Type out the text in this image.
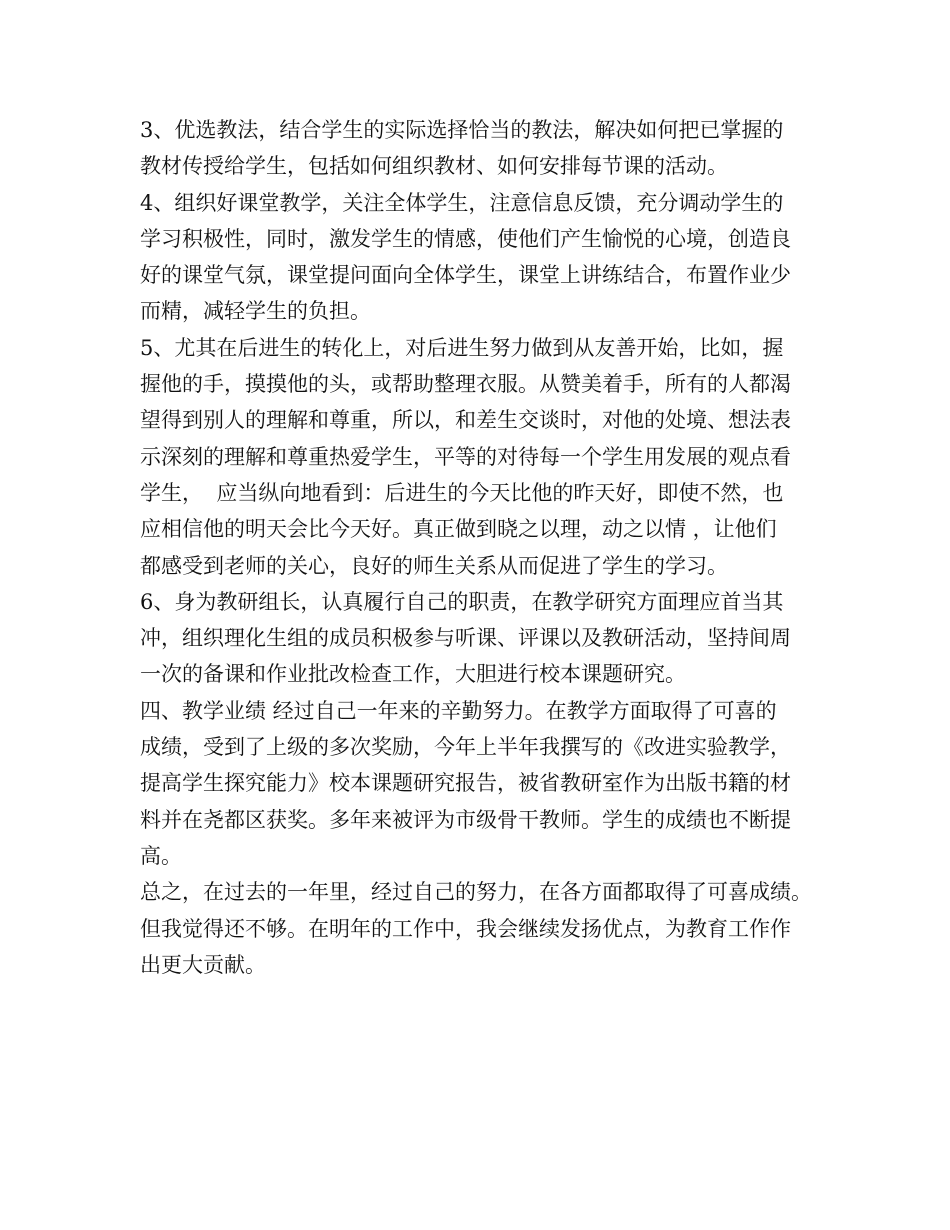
3、优选教法，结合学生的实际选择恰当的教法，解决如何把已掌握的
教材传授给学生，包括如何组织教材、如何安排每节课的活动。
4、组织好课堂教学，关注全体学生，注意信息反馈，充分调动学生的
学习积极性，同时，激发学生的情感，使他们产生愉悦的心境，创造良
好的课堂气氛，课堂提问面向全体学生，课堂上讲练结合，布置作业少
而精，减轻学生的负担。
5、尤其在后进生的转化上，对后进生努力做到从友善开始，比如，握
握他的手，摸摸他的头，或帮助整理衣服。从赞美着手，所有的人都渴
望得到别人的理解和尊重，所以，和差生交谈时，对他的处境、想法表
示深刻的理解和尊重热爱学生，平等的对待每一个学生用发展的观点看
学生，  应当纵向地看到：后进生的今天比他的昨天好，即使不然，也
应相信他的明天会比今天好。真正做到晓之以理，动之以情 ，让他们
都感受到老师的关心，良好的师生关系从而促进了学生的学习。
6、身为教研组长，认真履行自己的职责，在教学研究方面理应首当其
冲，组织理化生组的成员积极参与听课、评课以及教研活动，坚持间周
一次的备课和作业批改检查工作，大胆进行校本课题研究。
四、教学业绩 经过自己一年来的辛勤努力。在教学方面取得了可喜的
成绩，受到了上级的多次奖励，今年上半年我撰写的《改进实验教学，
提高学生探究能力》校本课题研究报告，被省教研室作为出版书籍的材
料并在尧都区获奖。多年来被评为市级骨干教师。学生的成绩也不断提
高。
总之，在过去的一年里，经过自己的努力，在各方面都取得了可喜成绩。
但我觉得还不够。在明年的工作中，我会继续发扬优点，为教育工作作
出更大贡献。
